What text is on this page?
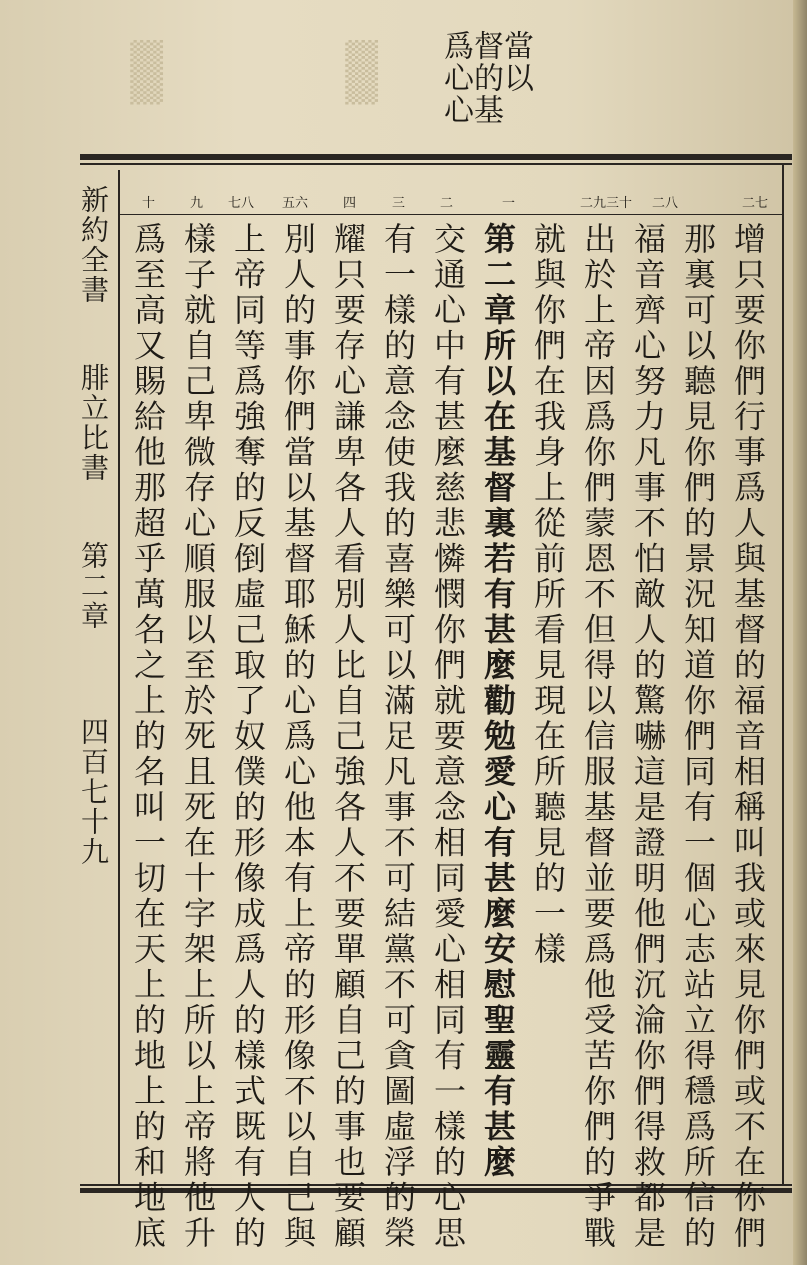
▒▒▒	▒▒▒	當以
督的基
爲心心
新約全書腓立比書第二章四百七十九
二七
二八
二九三十
一
二
三
四
五六
七八
九
十
增只要你們行事爲人與基督的福音相稱叫我或來見你們或不在你們
那裏可以聽見你們的景況知道你們同有一個心志站立得穩爲所信的
福音齊心努力凡事不怕敵人的驚嚇這是證明他們沉淪你們得救都是
出於上帝因爲你們蒙恩不但得以信服基督並要爲他受苦你們的爭戰
就與你們在我身上從前所看見現在所聽見的一樣
第二章所以在基督裏若有甚麼勸勉愛心有甚麼安慰聖靈有甚麼
交通心中有甚麼慈悲憐憫你們就要意念相同愛心相同有一樣的心思
有一樣的意念使我的喜樂可以滿足凡事不可結黨不可貪圖虛浮的榮
耀只要存心謙卑各人看別人比自己強各人不要單顧自己的事也要顧
別人的事你們當以基督耶穌的心爲心他本有上帝的形像不以自己與
上帝同等爲強奪的反倒虛己取了奴僕的形像成爲人的樣式既有人的
樣子就自己卑微存心順服以至於死且死在十字架上所以上帝將他升
爲至高又賜給他那超乎萬名之上的名叫一切在天上的地上的和地底
